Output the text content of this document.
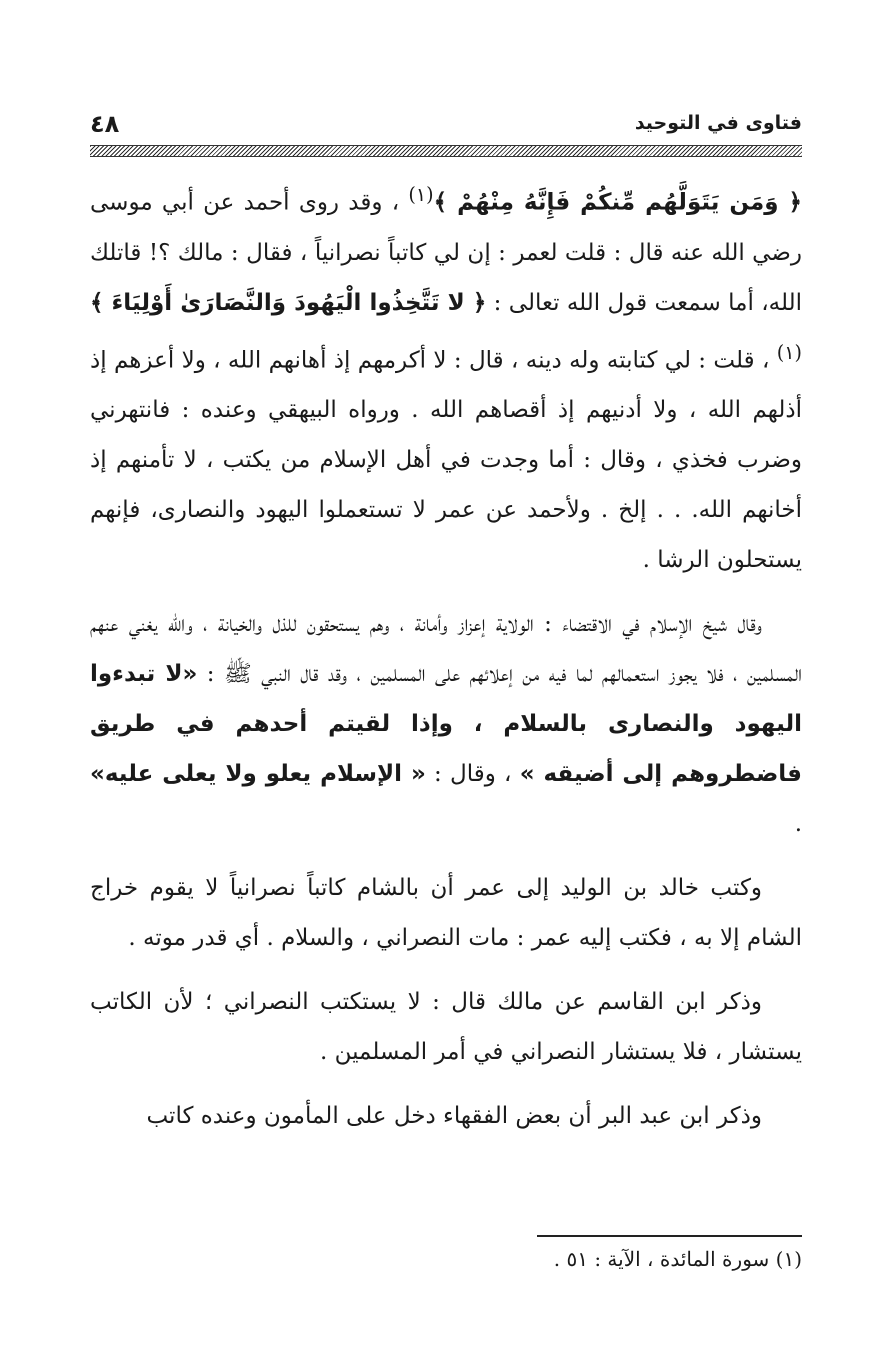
فتاوى في التوحيد
٤٨

﴿ وَمَن يَتَوَلَّهُم مِّنكُمْ فَإِنَّهُ مِنْهُمْ ﴾$^{(١)}$ ، وقد روى أحمد عن أبي موسى رضي الله عنه قال : قلت لعمر : إن لي كاتباً نصرانياً ، فقال : مالك ؟! قاتلك الله، أما سمعت قول الله تعالى : ﴿ لا تَتَّخِذُوا الْيَهُودَ وَالنَّصَارَىٰ أَوْلِيَاءَ ﴾$^{(١)}$ ، قلت : لي كتابته وله دينه ، قال : لا أكرمهم إذ أهانهم الله ، ولا أعزهم إذ أذلهم الله ، ولا أدنيهم إذ أقصاهم الله . ورواه البيهقي وعنده : فانتهرني وضرب فخذي ، وقال : أما وجدت في أهل الإسلام من يكتب ، لا تأمنهم إذ أخانهم الله. . . إلخ . ولأحمد عن عمر لا تستعملوا اليهود والنصارى، فإنهم يستحلون الرشا .

وقال شيخ الإسلام في الاقتضاء : الولاية إعزاز وأمانة ، وهم يستحقون للذل والخيانة ، والله يغني عنهم المسلمين ، فلا يجوز استعمالهم لما فيه من إعلائهم على المسلمين ، وقد قال النبي ﷺ : «لا تبدءوا اليهود والنصارى بالسلام ، وإذا لقيتم أحدهم في طريق فاضطروهم إلى أضيقه » ، وقال : « الإسلام يعلو ولا يعلى عليه» .

وكتب خالد بن الوليد إلى عمر أن بالشام كاتباً نصرانياً لا يقوم خراج الشام إلا به ، فكتب إليه عمر : مات النصراني ، والسلام . أي قدر موته .

وذكر ابن القاسم عن مالك قال : لا يستكتب النصراني ؛ لأن الكاتب يستشار ، فلا يستشار النصراني في أمر المسلمين .

وذكر ابن عبد البر أن بعض الفقهاء دخل على المأمون وعنده كاتب

(١) سورة المائدة ، الآية : ٥١ .
